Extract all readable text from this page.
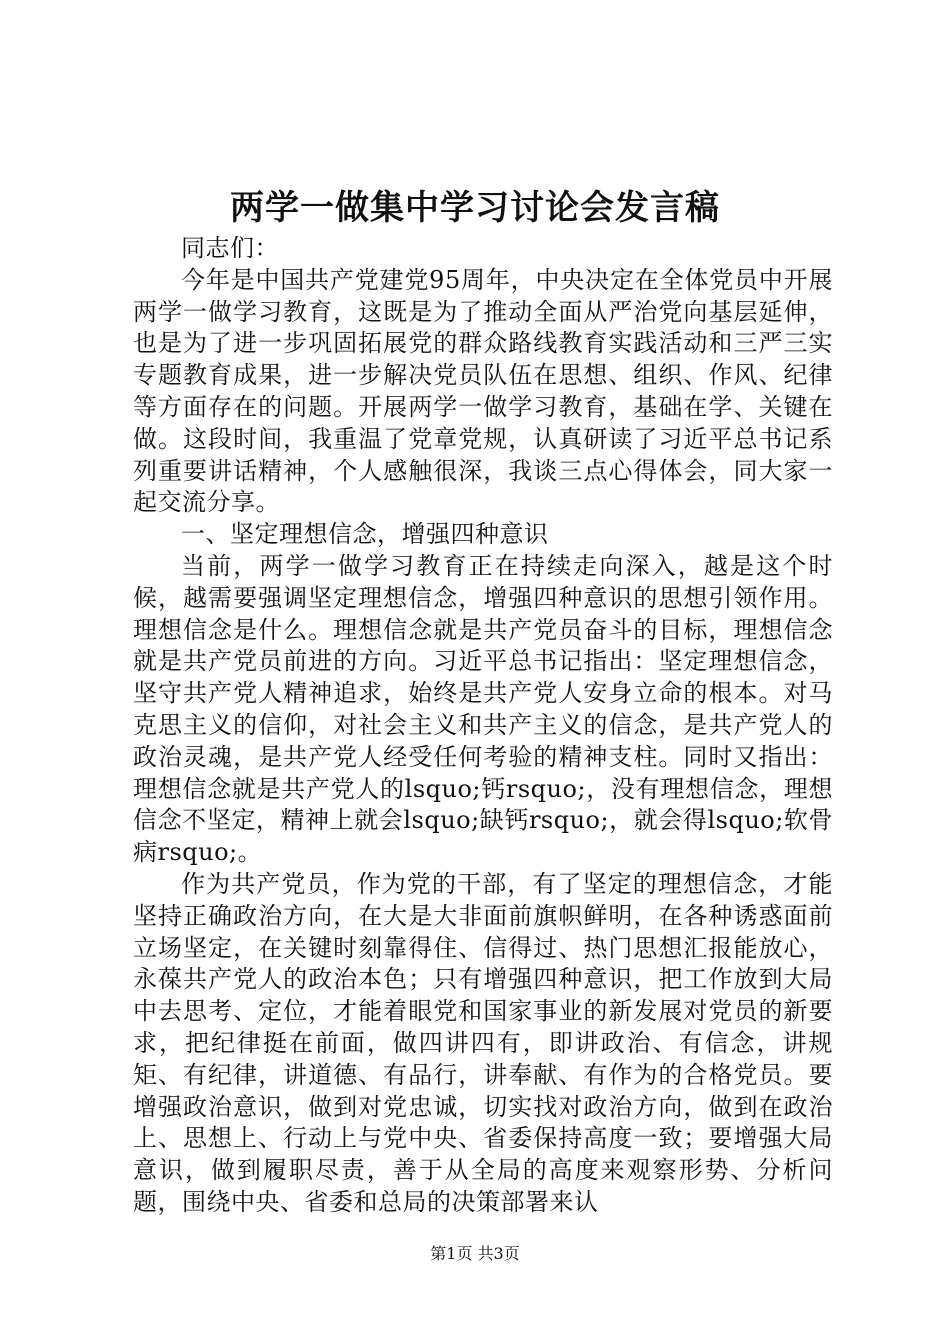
两学一做集中学习讨论会发言稿

同志们：

今年是中国共产党建党95周年，中央决定在全体党员中开展两学一做学习教育，这既是为了推动全面从严治党向基层延伸，也是为了进一步巩固拓展党的群众路线教育实践活动和三严三实专题教育成果，进一步解决党员队伍在思想、组织、作风、纪律等方面存在的问题。开展两学一做学习教育，基础在学、关键在做。这段时间，我重温了党章党规，认真研读了习近平总书记系列重要讲话精神，个人感触很深，我谈三点心得体会，同大家一起交流分享。

一、坚定理想信念，增强四种意识

当前，两学一做学习教育正在持续走向深入，越是这个时候，越需要强调坚定理想信念，增强四种意识的思想引领作用。理想信念是什么。理想信念就是共产党员奋斗的目标，理想信念就是共产党员前进的方向。习近平总书记指出：坚定理想信念，坚守共产党人精神追求，始终是共产党人安身立命的根本。对马克思主义的信仰，对社会主义和共产主义的信念，是共产党人的政治灵魂，是共产党人经受任何考验的精神支柱。同时又指出：理想信念就是共产党人的lsquo;钙rsquo;，没有理想信念，理想信念不坚定，精神上就会lsquo;缺钙rsquo;，就会得lsquo;软骨病rsquo;。

作为共产党员，作为党的干部，有了坚定的理想信念，才能坚持正确政治方向，在大是大非面前旗帜鲜明，在各种诱惑面前立场坚定，在关键时刻靠得住、信得过、热门思想汇报能放心，永葆共产党人的政治本色；只有增强四种意识，把工作放到大局中去思考、定位，才能着眼党和国家事业的新发展对党员的新要求，把纪律挺在前面，做四讲四有，即讲政治、有信念，讲规矩、有纪律，讲道德、有品行，讲奉献、有作为的合格党员。要增强政治意识，做到对党忠诚，切实找对政治方向，做到在政治上、思想上、行动上与党中央、省委保持高度一致；要增强大局意识，做到履职尽责，善于从全局的高度来观察形势、分析问题，围绕中央、省委和总局的决策部署来认

第1页 共3页
